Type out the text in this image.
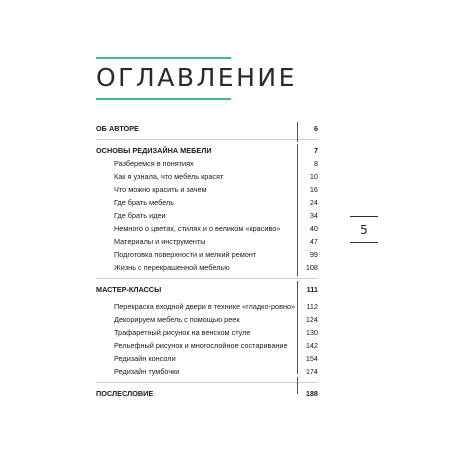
ОГЛАВЛЕНИЕ
ОБ АВТОРЕ	6
ОСНОВЫ РЕДИЗАЙНА МЕБЕЛИ	7
Разберемся в понятиях	8
Как я узнала, что мебель красят	10
Что можно красить и зачем	16
Где брать мебель	24
Где брать идеи	34
Немного о цветах, стилях и о великом «красиво»	40
Материалы и инструменты	47
Подготовка поверхности и мелкий ремонт	99
Жизнь с перекрашенной мебелью	108
МАСТЕР-КЛАССЫ	111
Перекраска входной двери в технике «гладко-ровно» 112
Декорируем мебель с помощью реек	124
Трафаретный рисунок на венском стуле	130
Рельефный рисунок и многослойное состаривание 142
Редизайн консоли	154
Редизайн тумбочки	174
ПОСЛЕСЛОВИЕ	188
5
